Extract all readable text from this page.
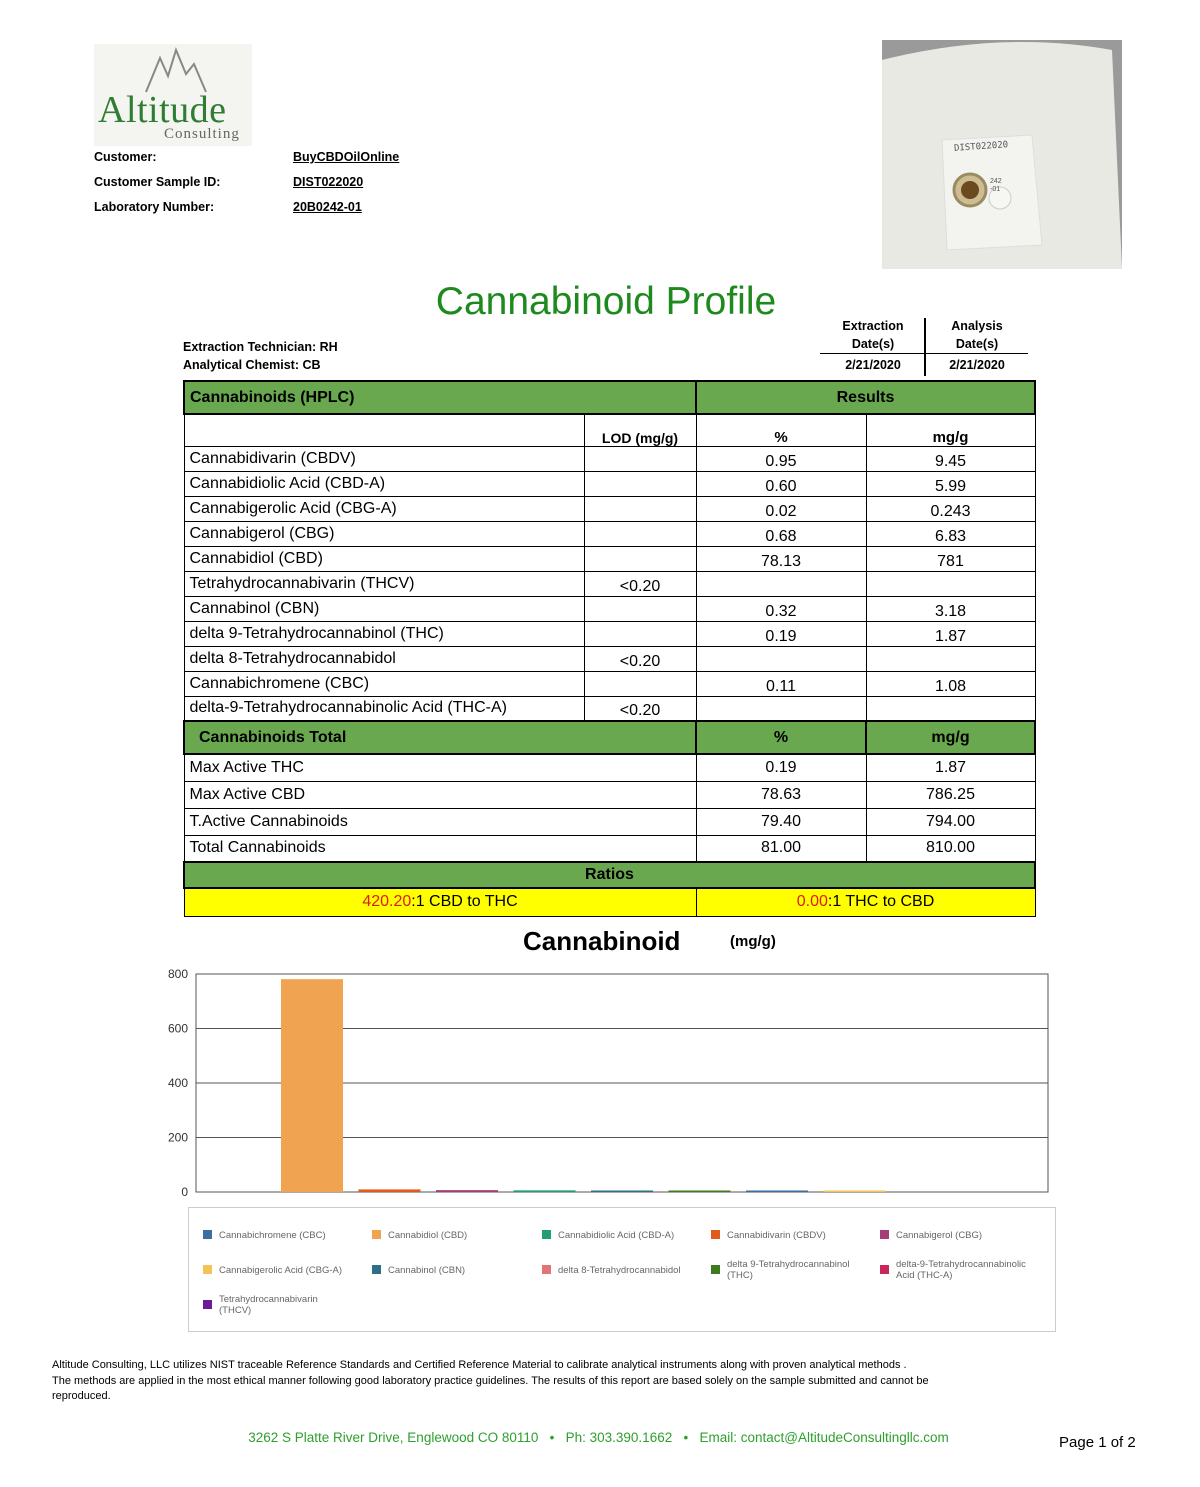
Altitude
Consulting
Customer:	BuyCBDOilOnline
Customer Sample ID:	DIST022020
Laboratory Number:	20B0242-01
DIST022020
242 -01
Cannabinoid Profile
Extraction Technician: RH
Analytical Chemist: CB
Extraction
Date(s)
Analysis
Date(s)
2/21/2020	2/21/2020
Cannabinoids (HPLC)		Results	
	LOD (mg/g)	%	mg/g
Cannabidivarin (CBDV)		0.95	9.45
Cannabidiolic Acid (CBD-A)		0.60	5.99
Cannabigerolic Acid (CBG-A)		0.02	0.243
Cannabigerol (CBG)		0.68	6.83
Cannabidiol (CBD)		78.13	781
Tetrahydrocannabivarin (THCV)	<0.20		
Cannabinol (CBN)		0.32	3.18
delta 9-Tetrahydrocannabinol (THC)		0.19	1.87
delta 8-Tetrahydrocannabidol	<0.20		
Cannabichromene (CBC)		0.11	1.08
delta-9-Tetrahydrocannabinolic Acid (THC-A)	<0.20		
Cannabinoids Total		%	mg/g
Max Active THC		0.19	1.87
Max Active CBD		78.63	786.25
T.Active Cannabinoids		79.40	794.00
Total Cannabinoids		81.00	810.00
Ratios			
420.20:1 CBD to THC		0.00:1 THC to CBD	
Cannabinoid	(mg/g)
0
200
400
600
800
Cannabichromene (CBC)	Cannabidiol (CBD)	Cannabidiolic Acid (CBD-A)	Cannabidivarin (CBDV)	Cannabigerol (CBG)
Cannabigerolic Acid (CBG-A)	Cannabinol (CBN)	delta 8-Tetrahydrocannabidol
delta 9-Tetrahydrocannabinol
(THC)
delta-9-Tetrahydrocannabinolic
Acid (THC-A)
Tetrahydrocannabivarin
(THCV)
Altitude Consulting, LLC utilizes NIST traceable Reference Standards and Certified Reference Material to calibrate analytical instruments along with proven analytical methods .
The methods are applied in the most ethical manner following good laboratory practice guidelines. The results of this report are based solely on the sample submitted and cannot be
reproduced.
3262 S Platte River Drive, Englewood CO 80110   •   Ph: 303.390.1662   •   Email: contact@AltitudeConsultingllc.com	Page 1 of 2
